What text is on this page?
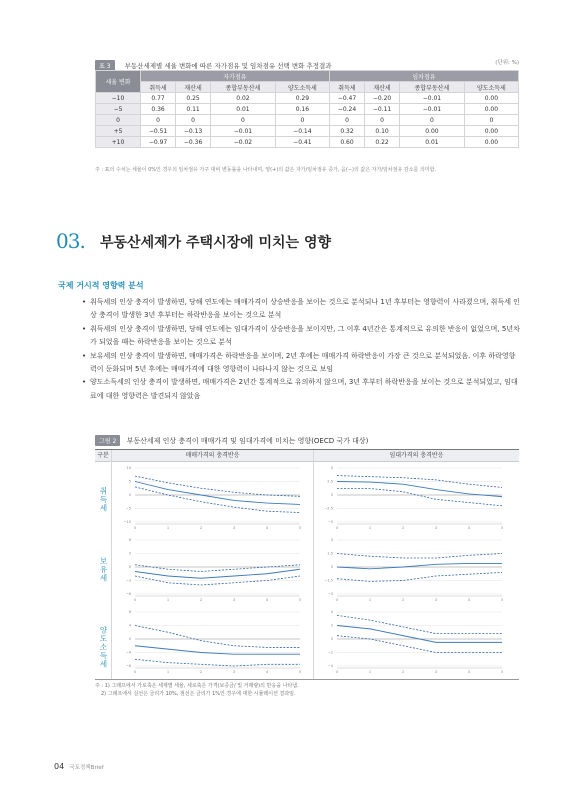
표 3 부동산세제별 세율 변화에 따른 자가점유 및 임차점유 선택 변화 추정결과	(단위: %)
세율 변화	자가점유				임차점유			
	취득세	재산세	종합부동산세	양도소득세	취득세	재산세	종합부동산세	양도소득세
−10	0.77	0.25	0.02	0.29	−0.47	−0.20	−0.01	0.00
−5	0.36	0.11	0.01	0.16	−0.24	−0.11	−0.01	0.00
0	0	0	0	0	0	0	0	0
+5	−0.51	−0.13	−0.01	−0.14	0.32	0.10	0.00	0.00
+10	−0.97	−0.36	−0.02	−0.41	0.60	0.22	0.01	0.00
주 : 표의 수치는 세율이 0%인 경우의 임차점유 가구 대비 변동률을 나타내며, 양(+)의 값은 자가/임차점유 증가, 음(−)의 값은 자가/임차점유 감소를 의미함.
03. 부동산세제가 주택시장에 미치는 영향
국제 거시적 영향력 분석
• 취득세의 인상 충격이 발생하면, 당해 연도에는 매매가격이 상승반응을 보이는 것으로 분석되나 1년 후부터는 영향력이 사라졌으며, 취득세 인상 충격이 발생한 3년 후부터는 하락반응을 보이는 것으로 분석
• 취득세의 인상 충격이 발생하면, 당해 연도에는 임대가격이 상승반응을 보이지만, 그 이후 4년간은 통계적으로 유의한 반응이 없었으며, 5년차가 되었을 때는 하락반응을 보이는 것으로 분석
• 보유세의 인상 충격이 발생하면, 매매가격은 하락반응을 보이며, 2년 후에는 매매가격 하락반응이 가장 큰 것으로 분석되었음. 이후 하락영향력이 둔화되며 5년 후에는 매매가격에 대한 영향력이 나타나지 않는 것으로 보임
• 양도소득세의 인상 충격이 발생하면, 매매가격은 2년간 통계적으로 유의하지 않으며, 3년 후부터 하락반응을 보이는 것으로 분석되었고, 임대료에 대한 영향력은 발견되지 않았음
그림 2 부동산세제 인상 충격이 매매가격 및 임대가격에 미치는 영향(OECD 국가 대상)
구분	매매가격의 충격반응	임대가격의 충격반응
취득세
보유세
양도소득세
10
5
0
−5
−10
0	1	2	3	4	5
5
2.5
0
−2.5
−5
0	1	2	3	4	5
6
3
0
−3
−6
0	1	2	3	4	5
3
1.5
0
−1.5
−3
0	1	2	3	4	5
8
4
0
−4
−8
0	1	2	3	4	5
4
2
0
−2
−4
0	1	2	3	4	5
주 : 1) 그래프에서 가로축은 세제별 세율, 세로축은 가격(보증금/ 및 거래량)의 반응을 나타냄.
2) 그래프에서 실선은 금리가 10%, 점선은 금리가 1%인 경우에 대한 시뮬레이션 결과임.
04 국토정책Brief
